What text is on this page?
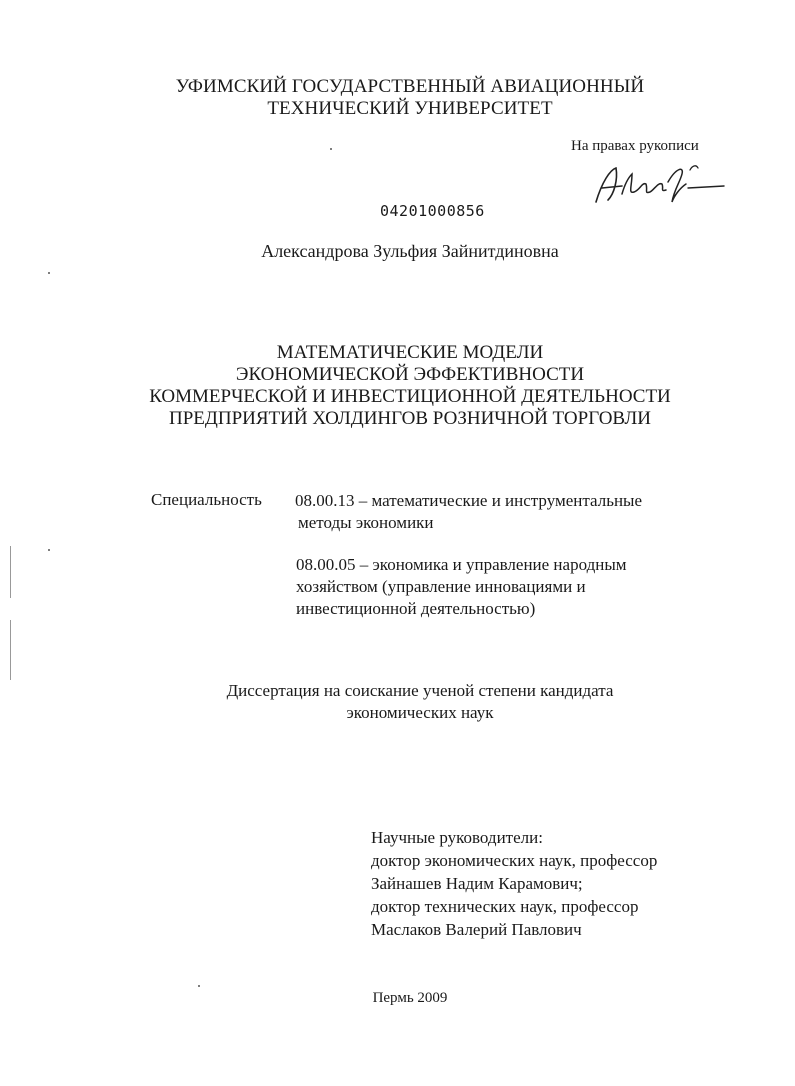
УФИМСКИЙ ГОСУДАРСТВЕННЫЙ АВИАЦИОННЫЙ
ТЕХНИЧЕСКИЙ УНИВЕРСИТЕТ
На правах рукописи
04201000856
Александрова Зульфия Зайнитдиновна
МАТЕМАТИЧЕСКИЕ МОДЕЛИ
ЭКОНОМИЧЕСКОЙ ЭФФЕКТИВНОСТИ
КОММЕРЧЕСКОЙ И ИНВЕСТИЦИОННОЙ ДЕЯТЕЛЬНОСТИ
ПРЕДПРИЯТИЙ ХОЛДИНГОВ РОЗНИЧНОЙ ТОРГОВЛИ
Специальность 08.00.13 – математические и инструментальные
методы экономики
08.00.05 – экономика и управление народным
хозяйством (управление инновациями и
инвестиционной деятельностью)
Диссертация на соискание ученой степени кандидата
экономических наук
Научные руководители:
доктор экономических наук, профессор
Зайнашев Надим Карамович;
доктор технических наук, профессор
Маслаков Валерий Павлович
Пермь 2009
